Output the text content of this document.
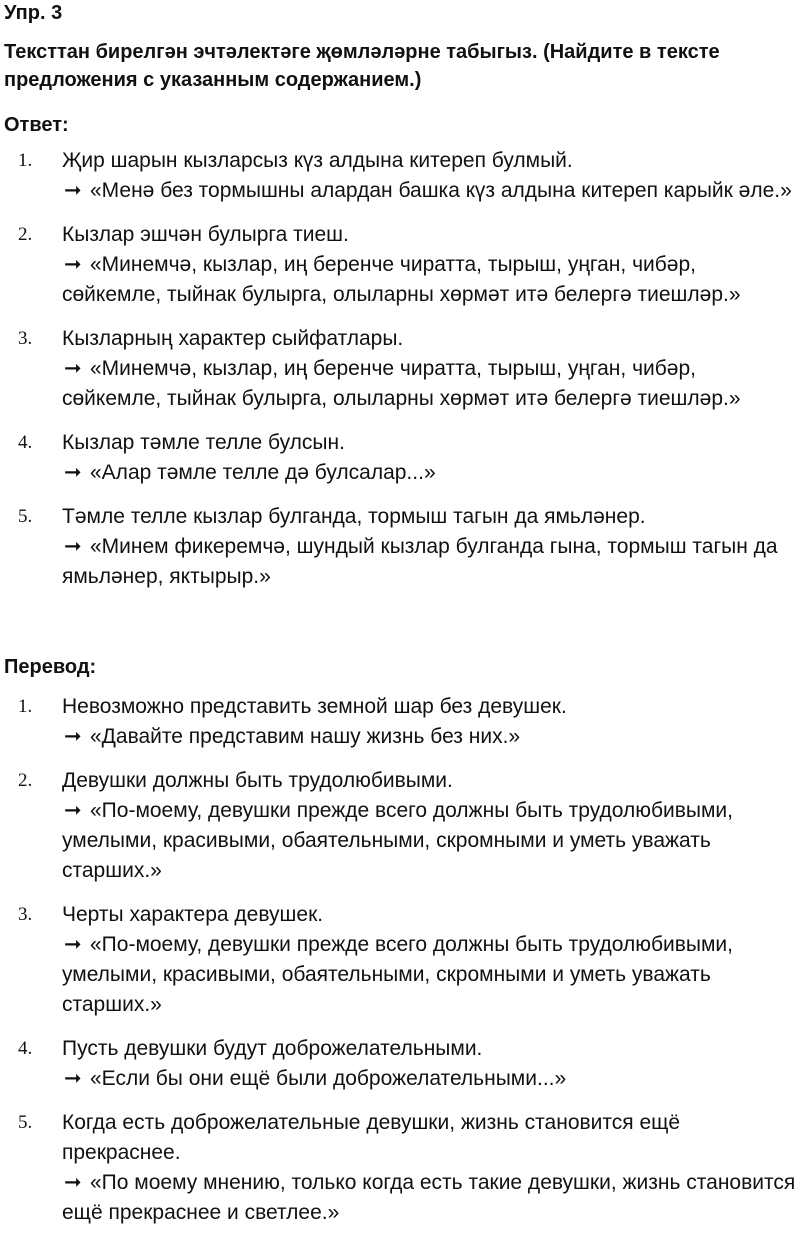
Упр. 3

Тексттан бирелгән эчтәлектәге җөмләләрне табыгыз. (Найдите в тексте предложения с указанным содержанием.)

Ответ:
1. Җир шарын кызларсыз күз алдына китереп булмый.
➞ «Менә без тормышны алардан башка күз алдына китереп карыйк әле.»
2. Кызлар эшчән булырга тиеш.
➞ «Минемчә, кызлар, иң беренче чиратта, тырыш, уңган, чибәр, сөйкемле, тыйнак булырга, олыларны хөрмәт итә белергә тиешләр.»
3. Кызларның характер сыйфатлары.
➞ «Минемчә, кызлар, иң беренче чиратта, тырыш, уңган, чибәр, сөйкемле, тыйнак булырга, олыларны хөрмәт итә белергә тиешләр.»
4. Кызлар тәмле телле булсын.
➞ «Алар тәмле телле дә булсалар...»
5. Тәмле телле кызлар булганда, тормыш тагын да ямьләнер.
➞ «Минем фикеремчә, шундый кызлар булганда гына, тормыш тагын да ямьләнер, яктырыр.»
Перевод:
1. Невозможно представить земной шар без девушек.
➞ «Давайте представим нашу жизнь без них.»
2. Девушки должны быть трудолюбивыми.
➞ «По-моему, девушки прежде всего должны быть трудолюбивыми, умелыми, красивыми, обаятельными, скромными и уметь уважать старших.»
3. Черты характера девушек.
➞ «По-моему, девушки прежде всего должны быть трудолюбивыми, умелыми, красивыми, обаятельными, скромными и уметь уважать старших.»
4. Пусть девушки будут доброжелательными.
➞ «Если бы они ещё были доброжелательными...»
5. Когда есть доброжелательные девушки, жизнь становится ещё прекраснее.
➞ «По моему мнению, только когда есть такие девушки, жизнь становится ещё прекраснее и светлее.»
